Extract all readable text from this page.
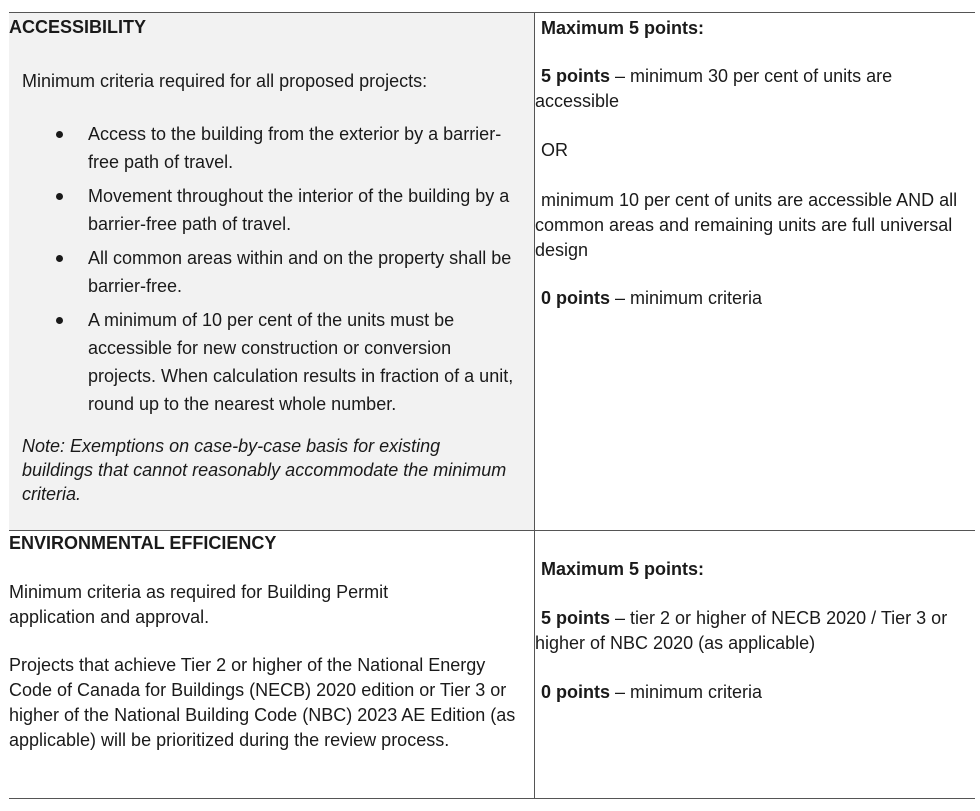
ACCESSIBILITY

Minimum criteria required for all proposed projects:

Access to the building from the exterior by a barrier-free path of travel.
Movement throughout the interior of the building by a barrier-free path of travel.
All common areas within and on the property shall be barrier-free.
A minimum of 10 per cent of the units must be accessible for new construction or conversion projects. When calculation results in fraction of a unit, round up to the nearest whole number.

Note: Exemptions on case-by-case basis for existing buildings that cannot reasonably accommodate the minimum criteria.

Maximum 5 points:

5 points – minimum 30 per cent of units are accessible

OR

minimum 10 per cent of units are accessible AND all common areas and remaining units are full universal design

0 points – minimum criteria

ENVIRONMENTAL EFFICIENCY

Minimum criteria as required for Building Permit application and approval.

Projects that achieve Tier 2 or higher of the National Energy Code of Canada for Buildings (NECB) 2020 edition or Tier 3 or higher of the National Building Code (NBC) 2023 AE Edition (as applicable) will be prioritized during the review process.

Maximum 5 points:

5 points – tier 2 or higher of NECB 2020 / Tier 3 or higher of NBC 2020 (as applicable)

0 points – minimum criteria
